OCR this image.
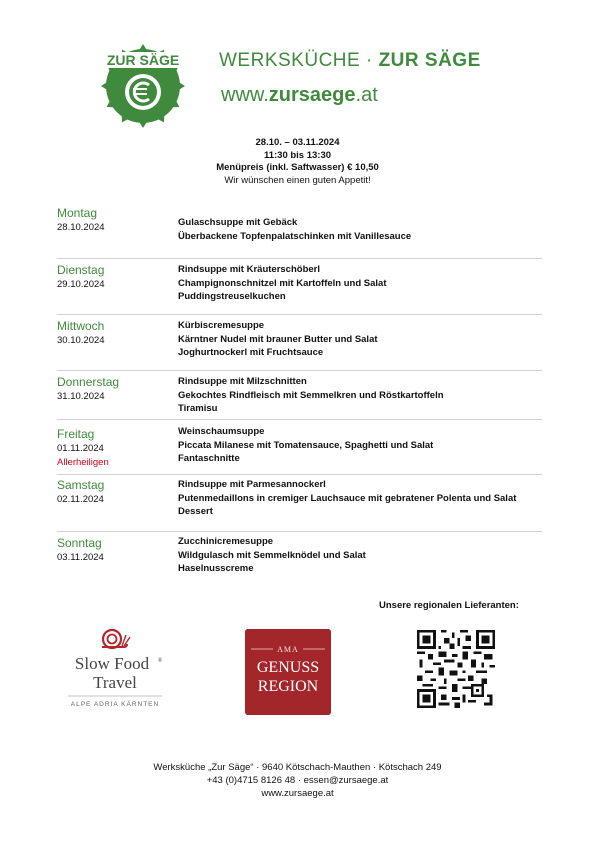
ZUR SÄGE WERKSKÜCHE · ZUR SÄGE
www.zursaege.at
28.10. – 03.11.2024
11:30 bis 13:30
Menüpreis (inkl. Saftwasser) € 10,50
Wir wünschen einen guten Appetit!
Montag
28.10.2024	Gulaschsuppe mit Gebäck
Überbackene Topfenpalatschinken mit Vanillesauce
Dienstag
29.10.2024
Rindsuppe mit Kräuterschöberl
Champignonschnitzel mit Kartoffeln und Salat
Puddingstreuselkuchen
Mittwoch
30.10.2024
Kürbiscremesuppe
Kärntner Nudel mit brauner Butter und Salat
Joghurtnockerl mit Fruchtsauce
Donnerstag
31.10.2024
Rindsuppe mit Milzschnitten
Gekochtes Rindfleisch mit Semmelkren und Röstkartoffeln
Tiramisu
Freitag
01.11.2024
Allerheiligen
Weinschaumsuppe
Piccata Milanese mit Tomatensauce, Spaghetti und Salat
Fantaschnitte
Samstag
02.11.2024
Rindsuppe mit Parmesannockerl
Putenmedaillons in cremiger Lauchsauce mit gebratener Polenta und Salat
Dessert
Sonntag
03.11.2024
Zucchinicremesuppe
Wildgulasch mit Semmelknödel und Salat
Haselnusscreme
Unsere regionalen Lieferanten:
Slow Food ®
Travel
ALPE ADRIA KÄRNTEN
AMA
GENUSS
REGION
Werksküche „Zur Säge“ · 9640 Kötschach-Mauthen · Kötschach 249
+43 (0)4715 8126 48 · essen@zursaege.at
www.zursaege.at
